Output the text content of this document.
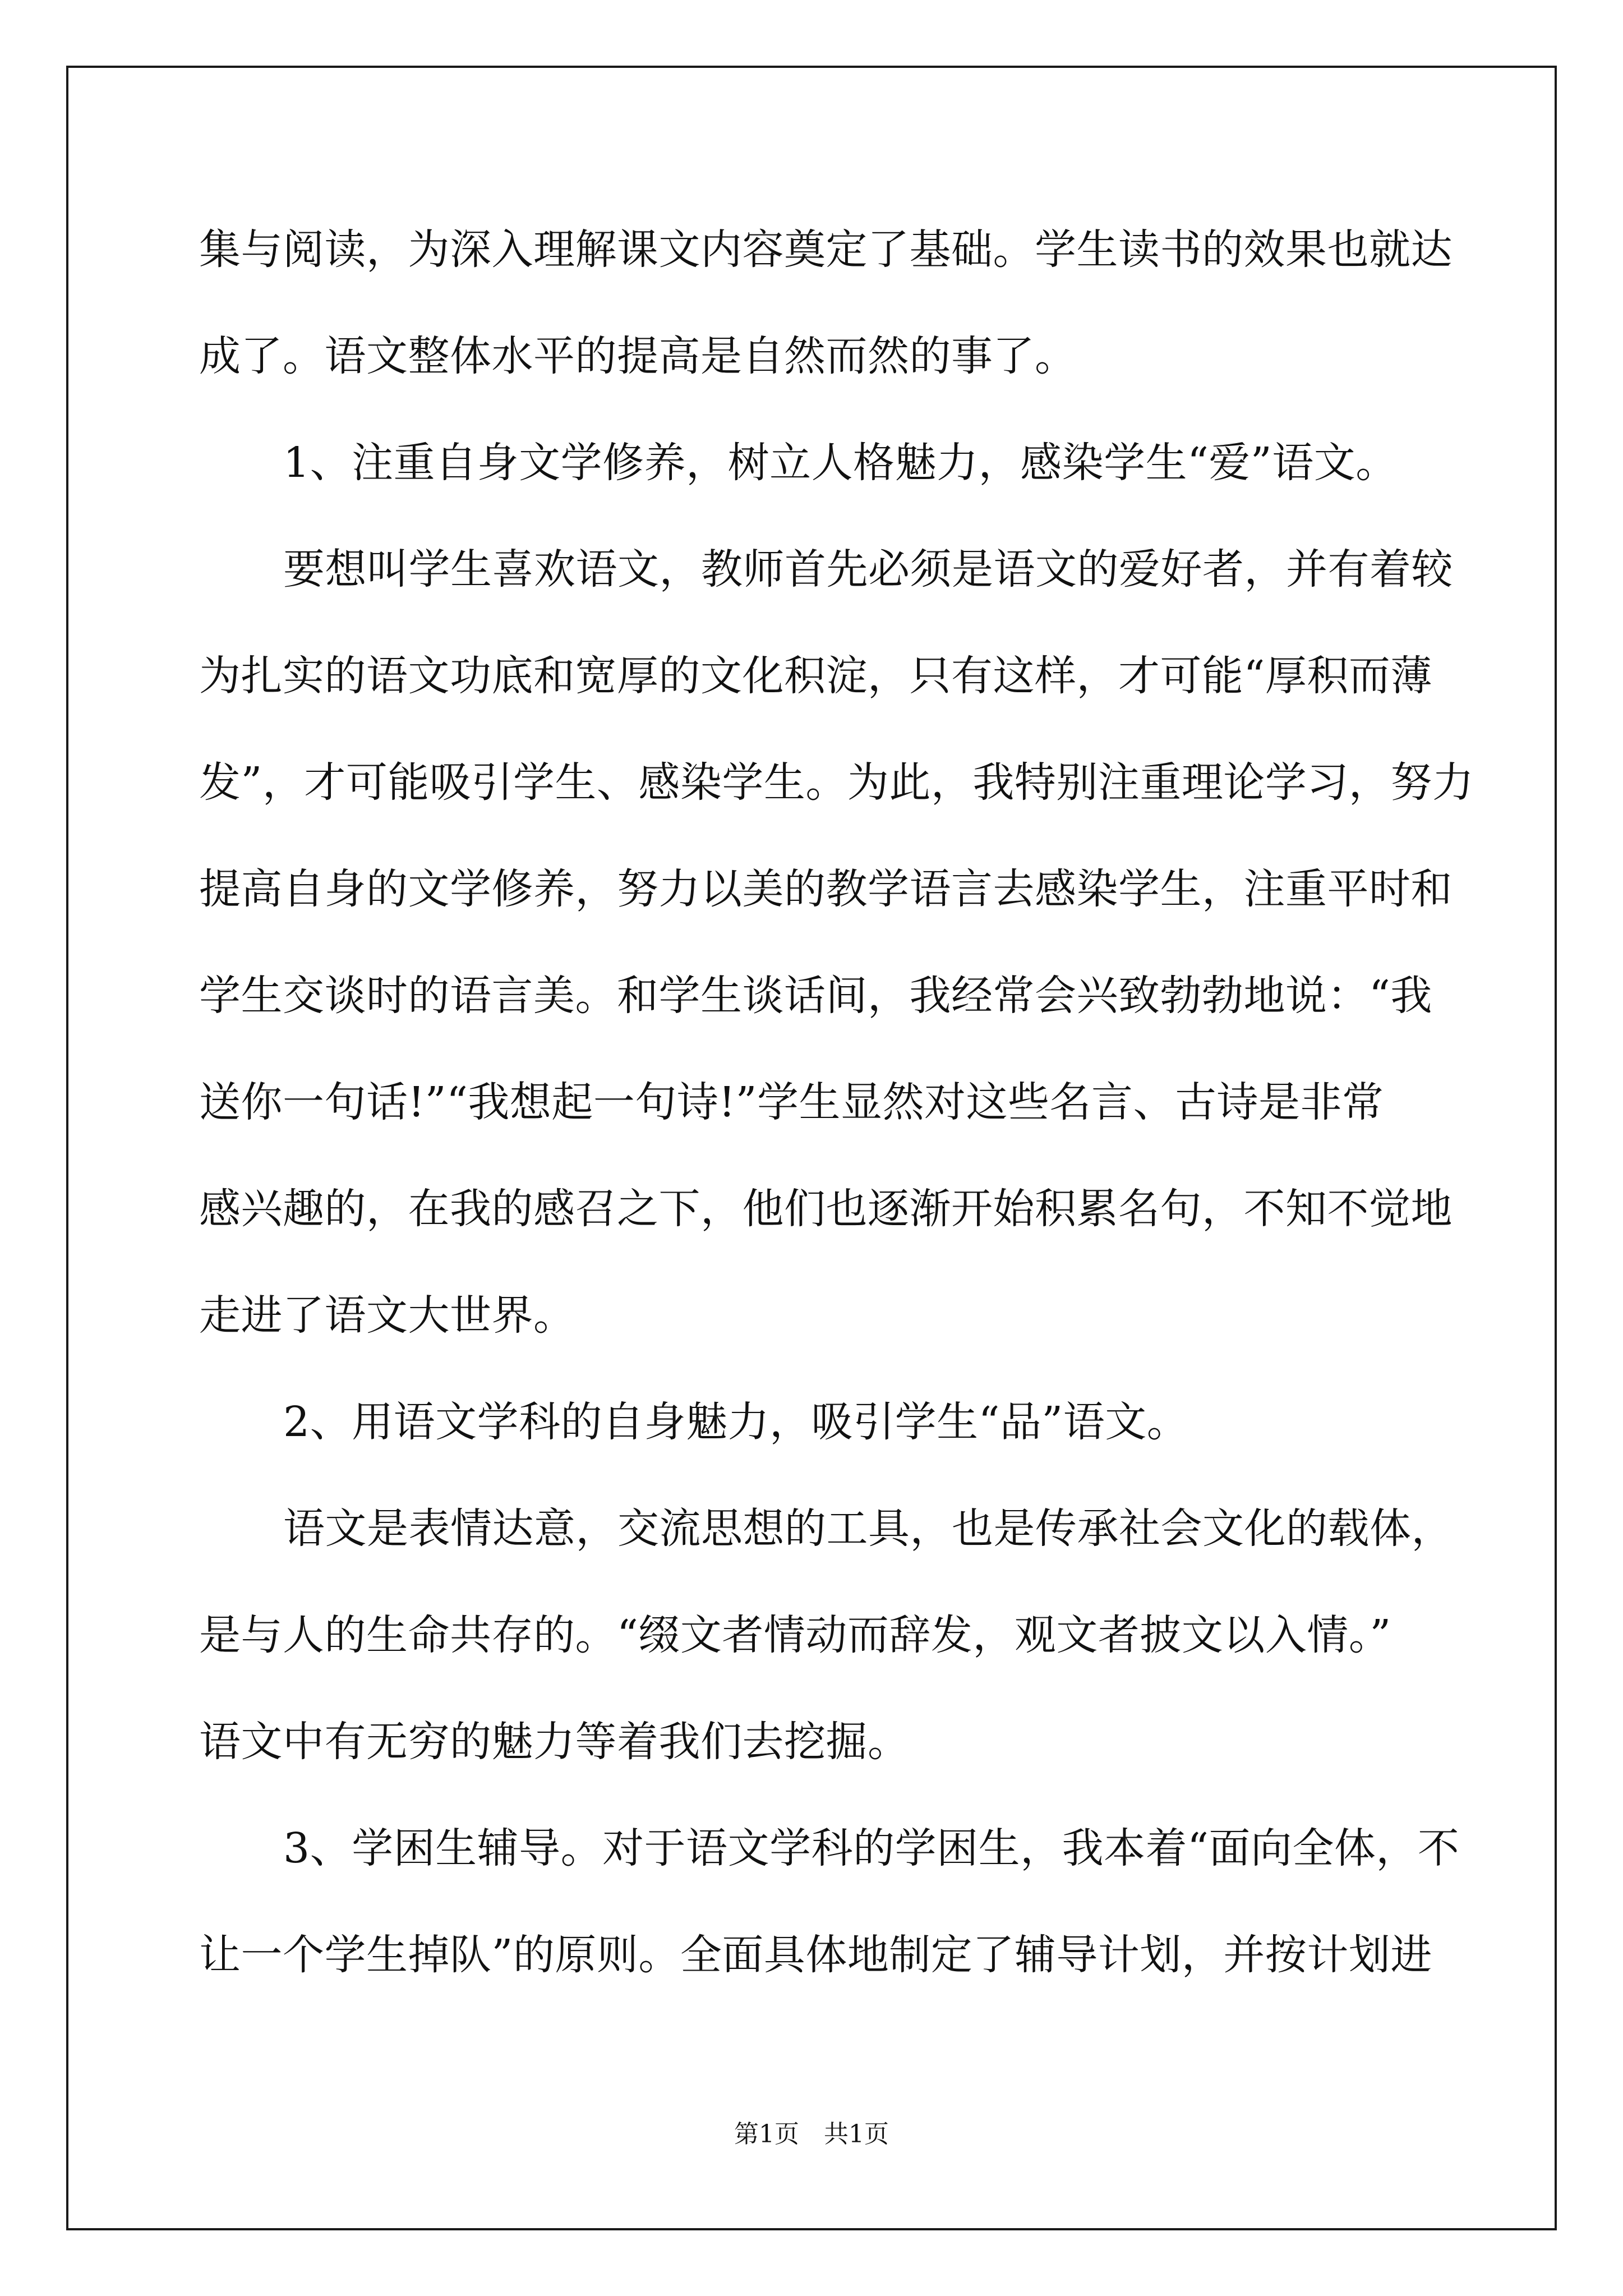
集与阅读，为深入理解课文内容奠定了基础。学生读书的效果也就达
成了。语文整体水平的提高是自然而然的事了。
1、注重自身文学修养，树立人格魅力，感染学生“爱”语文。
要想叫学生喜欢语文，教师首先必须是语文的爱好者，并有着较
为扎实的语文功底和宽厚的文化积淀，只有这样，才可能“厚积而薄
发”，才可能吸引学生、感染学生。为此，我特别注重理论学习，努力
提高自身的文学修养，努力以美的教学语言去感染学生，注重平时和
学生交谈时的语言美。和学生谈话间，我经常会兴致勃勃地说：“我
送你一句话!”“我想起一句诗!”学生显然对这些名言、古诗是非常
感兴趣的，在我的感召之下，他们也逐渐开始积累名句，不知不觉地
走进了语文大世界。
2、用语文学科的自身魅力，吸引学生“品”语文。
语文是表情达意，交流思想的工具，也是传承社会文化的载体，
是与人的生命共存的。“缀文者情动而辞发，观文者披文以入情。”
语文中有无穷的魅力等着我们去挖掘。
3、学困生辅导。对于语文学科的学困生，我本着“面向全体，不
让一个学生掉队”的原则。全面具体地制定了辅导计划，并按计划进
第1页　共1页
